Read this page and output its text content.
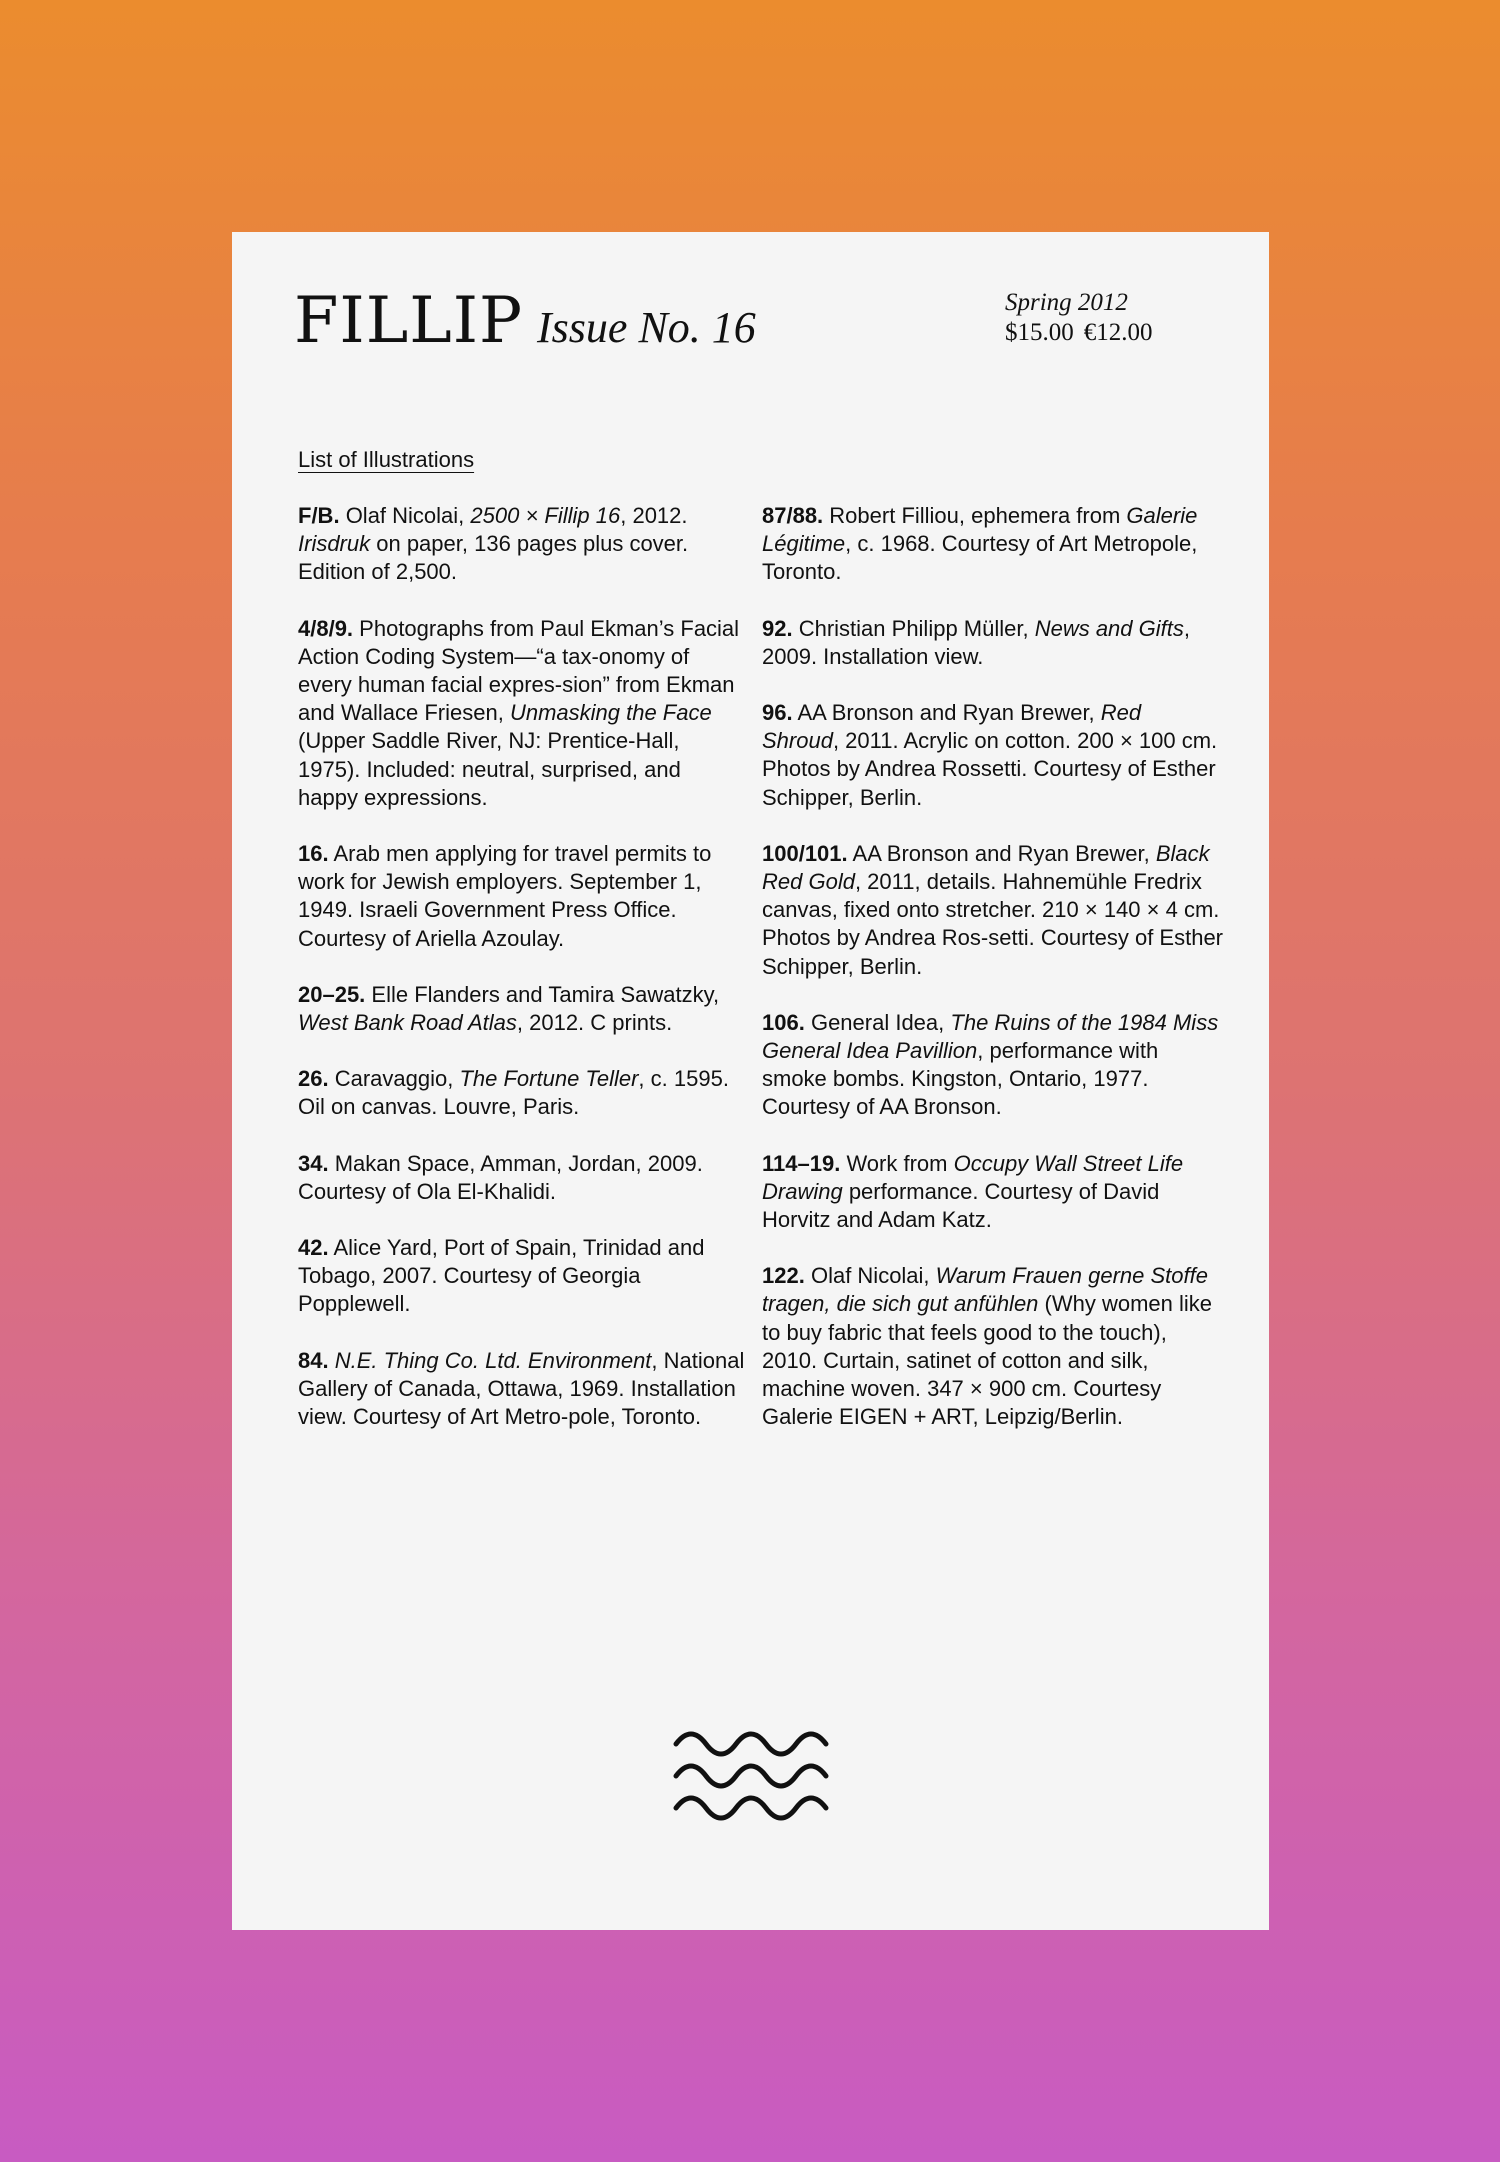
FILLIP Issue No. 16
Spring 2012
$15.00 €12.00
List of Illustrations

F/B. Olaf Nicolai, 2500 × Fillip 16, 2012. Irisdruk on paper, 136 pages plus cover. Edition of 2,500.

4/8/9. Photographs from Paul Ekman’s Facial Action Coding System—“a tax-onomy of every human facial expres-sion” from Ekman and Wallace Friesen, Unmasking the Face (Upper Saddle River, NJ: Prentice-Hall, 1975). Included: neutral, surprised, and happy expressions.

16. Arab men applying for travel permits to work for Jewish employers. September 1, 1949. Israeli Government Press Office. Courtesy of Ariella Azoulay.

20–25. Elle Flanders and Tamira Sawatzky, West Bank Road Atlas, 2012. C prints.

26. Caravaggio, The Fortune Teller, c. 1595. Oil on canvas. Louvre, Paris.

34. Makan Space, Amman, Jordan, 2009. Courtesy of Ola El-Khalidi.

42. Alice Yard, Port of Spain, Trinidad and Tobago, 2007. Courtesy of Georgia Popplewell.

84. N.E. Thing Co. Ltd. Environment, National Gallery of Canada, Ottawa, 1969. Installation view. Courtesy of Art Metro-pole, Toronto.

87/88. Robert Filliou, ephemera from Galerie Légitime, c. 1968. Courtesy of Art Metropole, Toronto.

92. Christian Philipp Müller, News and Gifts, 2009. Installation view.

96. AA Bronson and Ryan Brewer, Red Shroud, 2011. Acrylic on cotton. 200 × 100 cm. Photos by Andrea Rossetti. Courtesy of Esther Schipper, Berlin.

100/101. AA Bronson and Ryan Brewer, Black Red Gold, 2011, details. Hahnemühle Fredrix canvas, fixed onto stretcher. 210 × 140 × 4 cm. Photos by Andrea Ros-setti. Courtesy of Esther Schipper, Berlin.

106. General Idea, The Ruins of the 1984 Miss General Idea Pavillion, performance with smoke bombs. Kingston, Ontario, 1977. Courtesy of AA Bronson.

114–19. Work from Occupy Wall Street Life Drawing performance. Courtesy of David Horvitz and Adam Katz.

122. Olaf Nicolai, Warum Frauen gerne Stoffe tragen, die sich gut anfühlen (Why women like to buy fabric that feels good to the touch), 2010. Curtain, satinet of cotton and silk, machine woven. 347 × 900 cm. Courtesy Galerie EIGEN + ART, Leipzig/Berlin.
